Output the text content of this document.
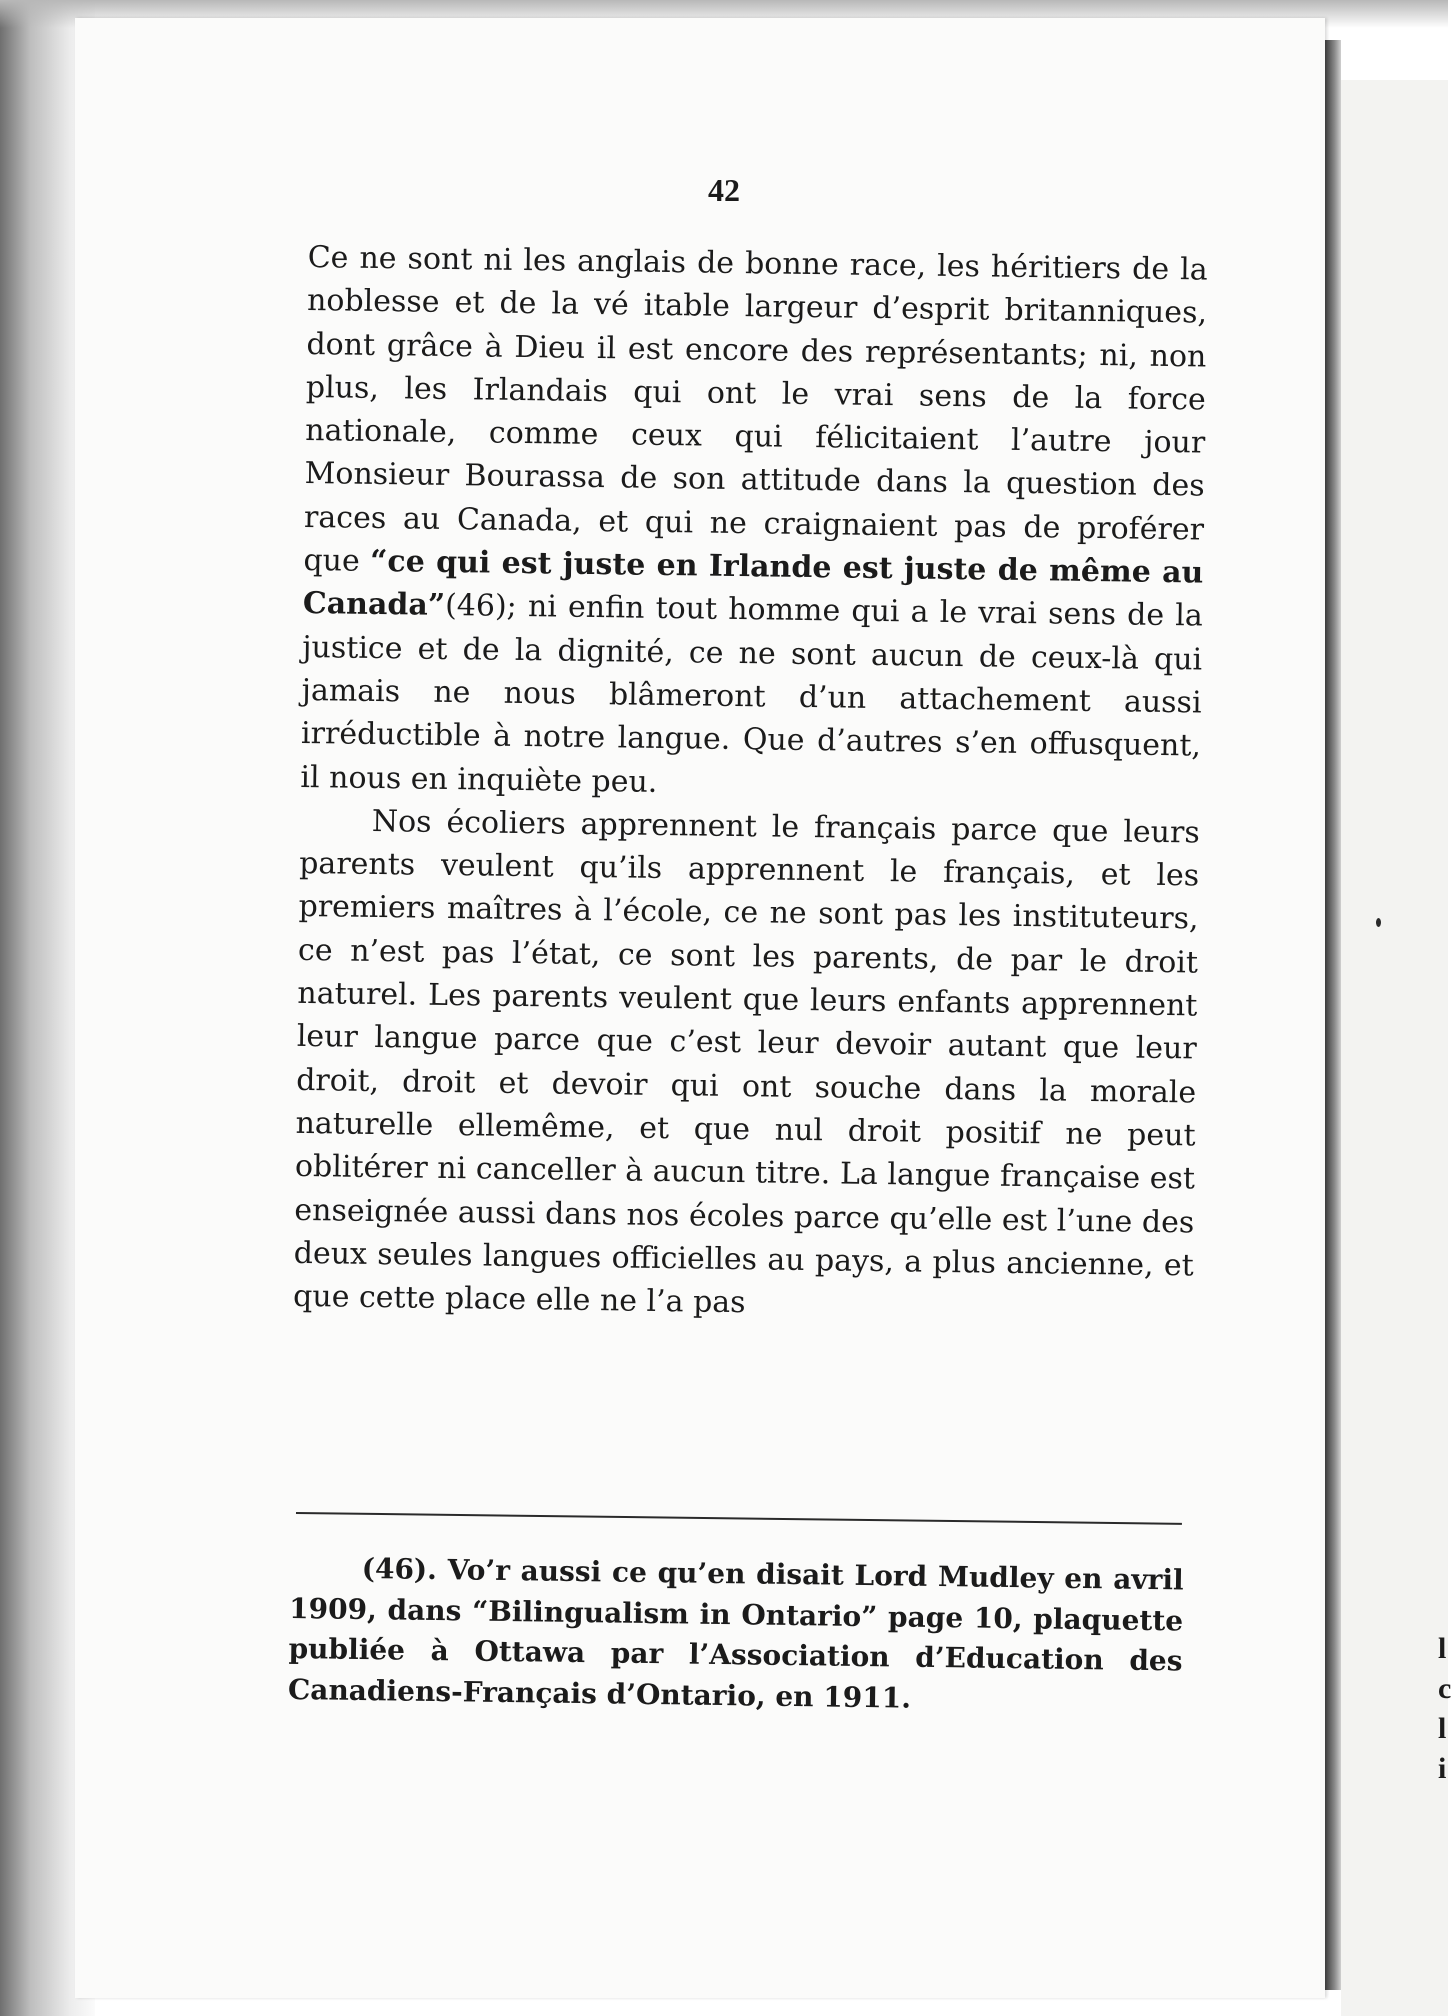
l
c
l
i
42

Ce ne sont ni les anglais de bonne race, les héritiers de la noblesse et de la vé itable largeur d’esprit britanniques, dont grâce à Dieu il est encore des représentants; ni, non plus, les Irlandais qui ont le vrai sens de la force nationale, comme ceux qui félicitaient l’autre jour Monsieur Bourassa de son attitude dans la question des races au Canada, et qui ne craignaient pas de proférer que “ce qui est juste en Irlande est juste de même au Canada”(46); ni enfin tout homme qui a le vrai sens de la justice et de la dignité, ce ne sont aucun de ceux-là qui jamais ne nous blâmeront d’un attachement aussi irréductible à notre langue. Que d’autres s’en offusquent, il nous en inquiète peu.

Nos écoliers apprennent le français parce que leurs parents veulent qu’ils apprennent le français, et les premiers maîtres à l’école, ce ne sont pas les instituteurs, ce n’est pas l’état, ce sont les parents, de par le droit naturel. Les parents veulent que leurs enfants apprennent leur langue parce que c’est leur devoir autant que leur droit, droit et devoir qui ont souche dans la morale naturelle ellemême, et que nul droit positif ne peut oblitérer ni canceller à aucun titre. La langue française est enseignée aussi dans nos écoles parce qu’elle est l’une des deux seules langues officielles au pays, a plus ancienne, et que cette place elle ne l’a pas

(46). Vo’r aussi ce qu’en disait Lord Mudley en avril 1909, dans “Bilingualism in Ontario” page 10, plaquette publiée à Ottawa par l’Association d’Education des Canadiens-Français d’Ontario, en 1911.
